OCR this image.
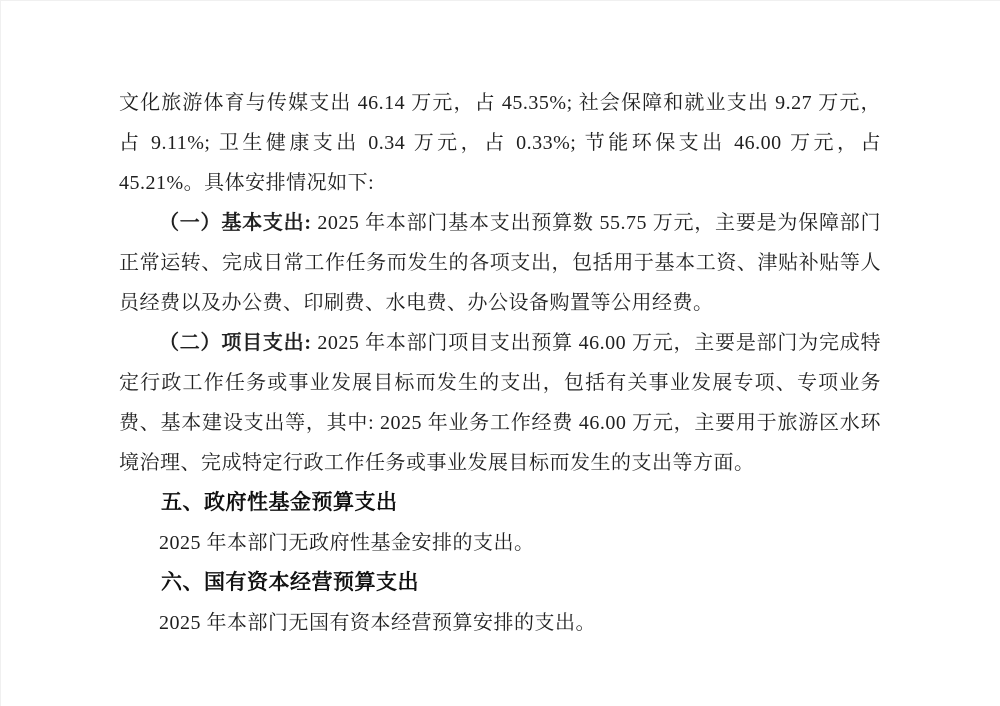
文化旅游体育与传媒支出 46.14 万元，占 45.35%; 社会保障和就业支出 9.27 万元，占 9.11%; 卫生健康支出 0.34 万元，占 0.33%; 节能环保支出 46.00 万元，占 45.21%。具体安排情况如下:

（一）基本支出: 2025 年本部门基本支出预算数 55.75 万元，主要是为保障部门正常运转、完成日常工作任务而发生的各项支出，包括用于基本工资、津贴补贴等人员经费以及办公费、印刷费、水电费、办公设备购置等公用经费。

（二）项目支出: 2025 年本部门项目支出预算 46.00 万元，主要是部门为完成特定行政工作任务或事业发展目标而发生的支出，包括有关事业发展专项、专项业务费、基本建设支出等，其中: 2025 年业务工作经费 46.00 万元，主要用于旅游区水环境治理、完成特定行政工作任务或事业发展目标而发生的支出等方面。

五、政府性基金预算支出

2025 年本部门无政府性基金安排的支出。

六、国有资本经营预算支出

2025 年本部门无国有资本经营预算安排的支出。
